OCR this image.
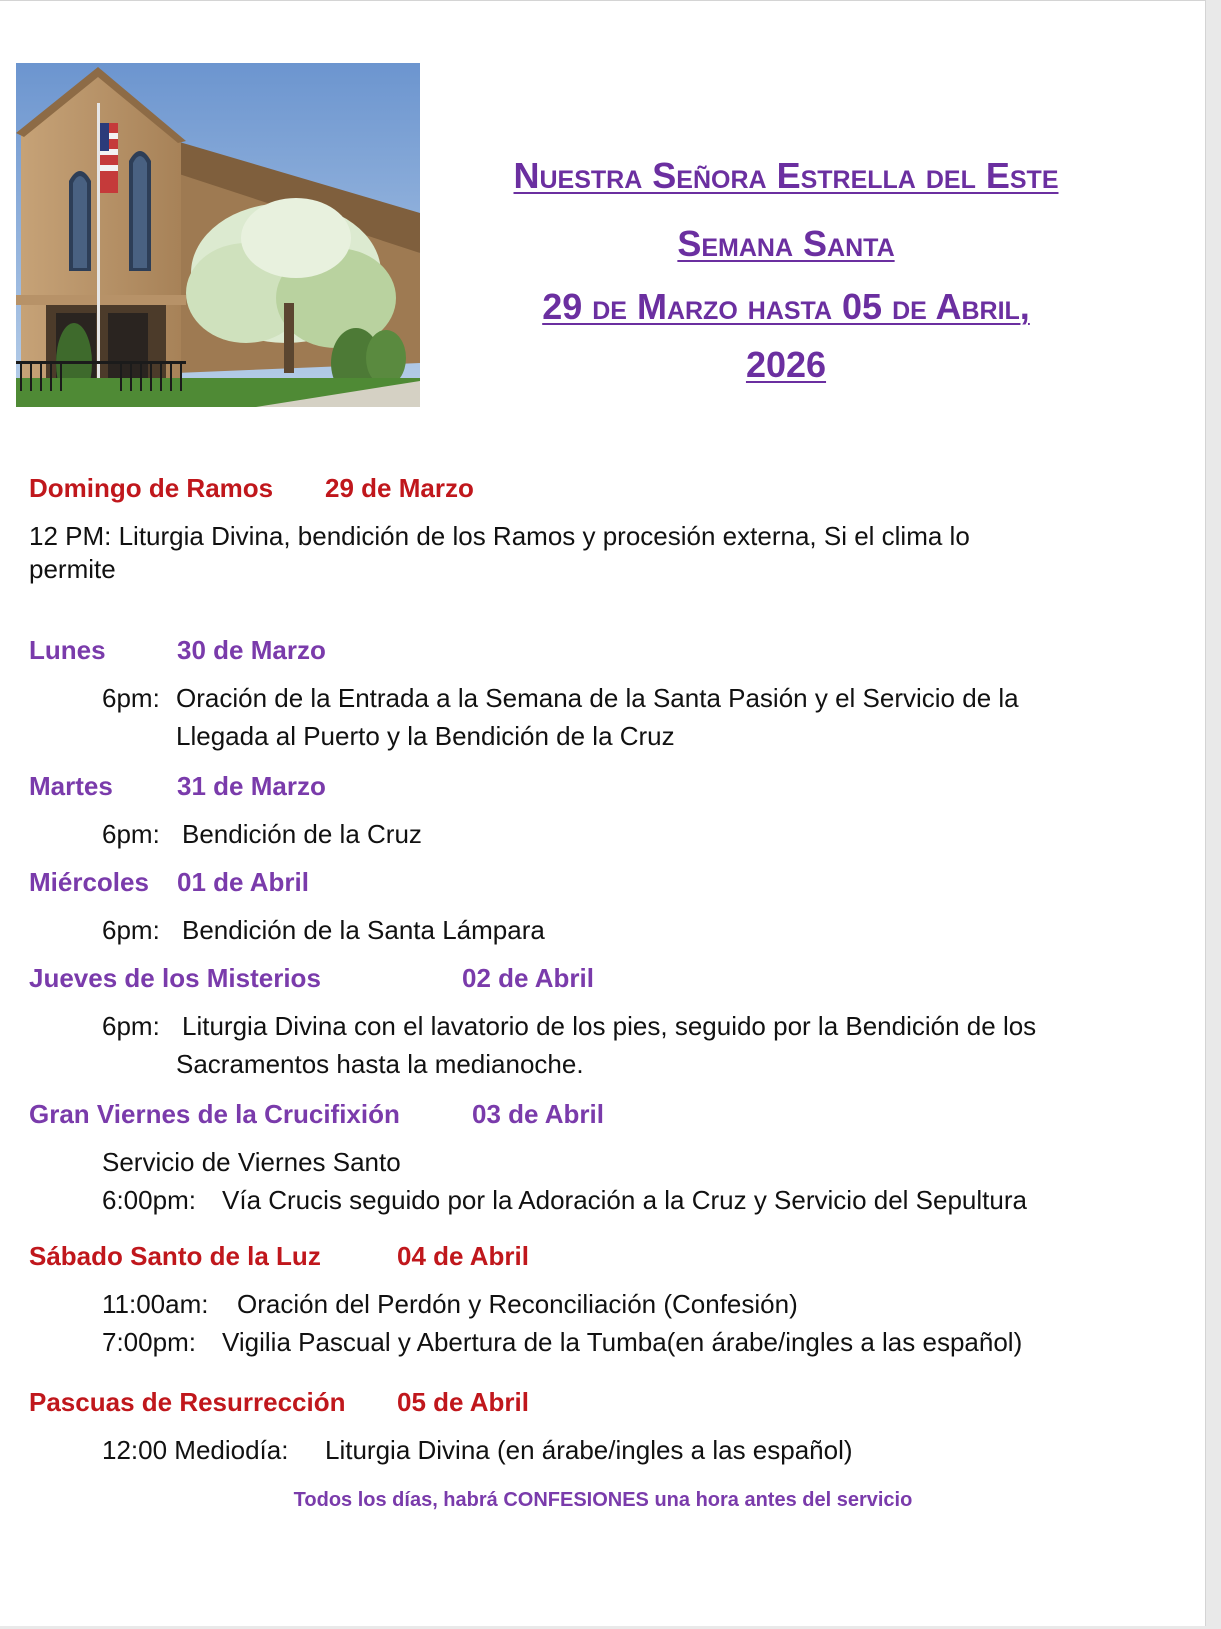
Nuestra Señora Estrella del Este
Semana Santa
29 de Marzo hasta 05 de Abril,
2026
Domingo de Ramos 29 de Marzo
12 PM: Liturgia Divina, bendición de los Ramos y procesión externa, Si el clima lo
permite
Lunes	30 de Marzo
6pm: Oración de la Entrada a la Semana de la Santa Pasión y el Servicio de la
Llegada al Puerto y la Bendición de la Cruz
Martes 31 de Marzo
6pm: Bendición de la Cruz
Miércoles 01 de Abril
6pm: Bendición de la Santa Lámpara
Jueves de los Misterios	02 de Abril
6pm: Liturgia Divina con el lavatorio de los pies, seguido por la Bendición de los
Sacramentos hasta la medianoche.
Gran Viernes de la Crucifixión	03 de Abril
Servicio de Viernes Santo
6:00pm: Vía Crucis seguido por la Adoración a la Cruz y Servicio del Sepultura
Sábado Santo de la Luz	04 de Abril
11:00am: Oración del Perdón y Reconciliación (Confesión)
7:00pm: Vigilia Pascual y Abertura de la Tumba(en árabe/ingles a las español)
Pascuas de Resurrección 05 de Abril
12:00 Mediodía: Liturgia Divina (en árabe/ingles a las español)
Todos los días, habrá CONFESIONES una hora antes del servicio
